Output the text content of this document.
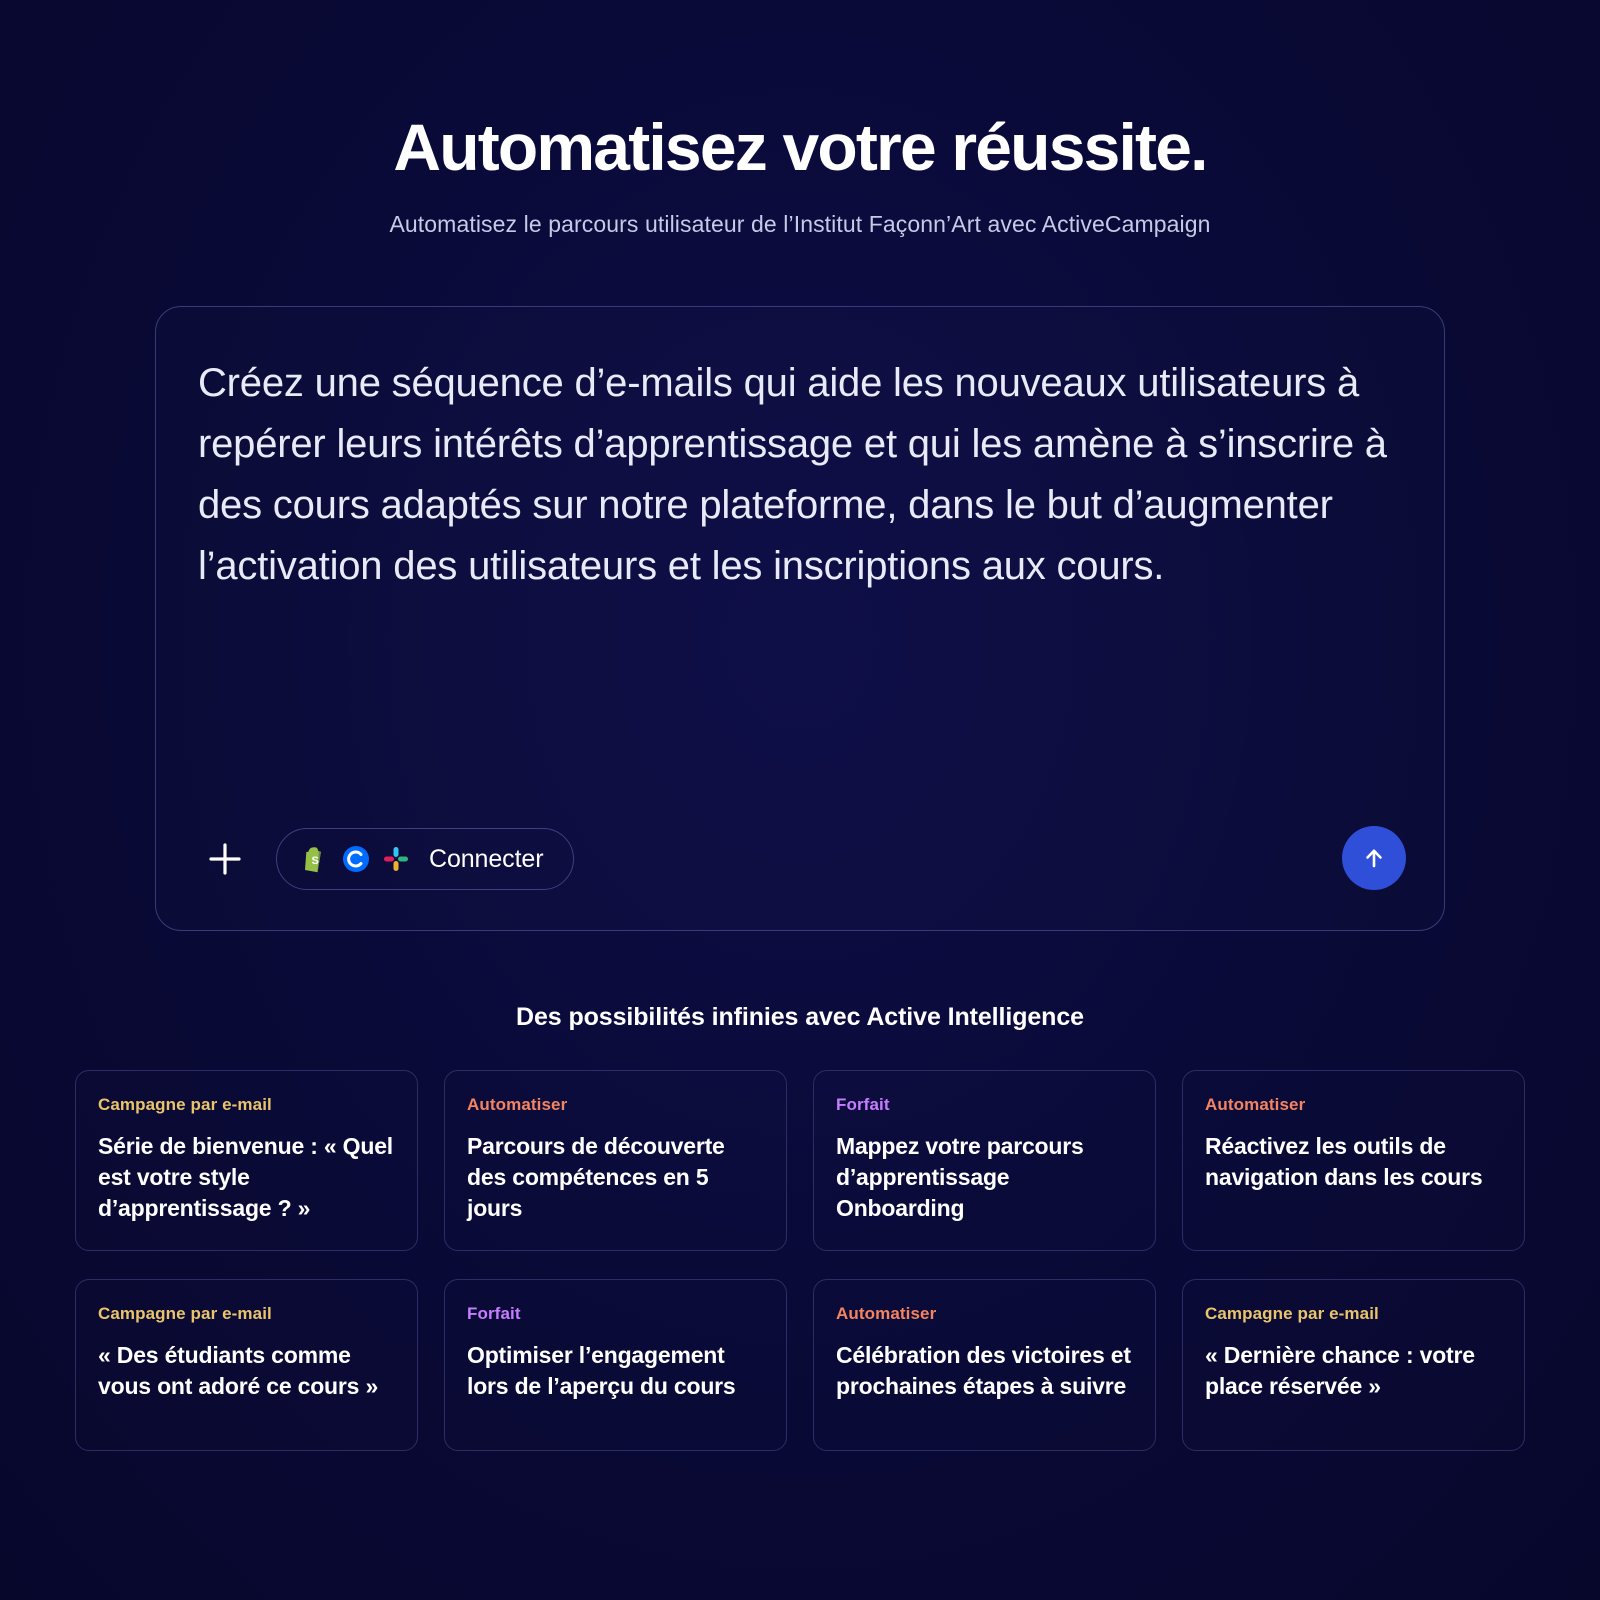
Automatisez votre réussite.

Automatisez le parcours utilisateur de l’Institut Façonn’Art avec ActiveCampaign

Créez une séquence d’e-mails qui aide les nouveaux utilisateurs à repérer leurs intérêts d’apprentissage et qui les amène à s’inscrire à des cours adaptés sur notre plateforme, dans le but d’augmenter l’activation des utilisateurs et les inscriptions aux cours.
S	Connecter
Des possibilités infinies avec Active Intelligence
Campagne par e-mail
Série de bienvenue : « Quel est votre style d’apprentissage ? »
Automatiser
Parcours de découverte des compétences en 5 jours
Forfait
Mappez votre parcours d’apprentissage Onboarding
Automatiser
Réactivez les outils de navigation dans les cours
Campagne par e-mail
« Des étudiants comme vous ont adoré ce cours »
Forfait
Optimiser l’engagement lors de l’aperçu du cours
Automatiser
Célébration des victoires et prochaines étapes à suivre
Campagne par e-mail
« Dernière chance : votre place réservée »
